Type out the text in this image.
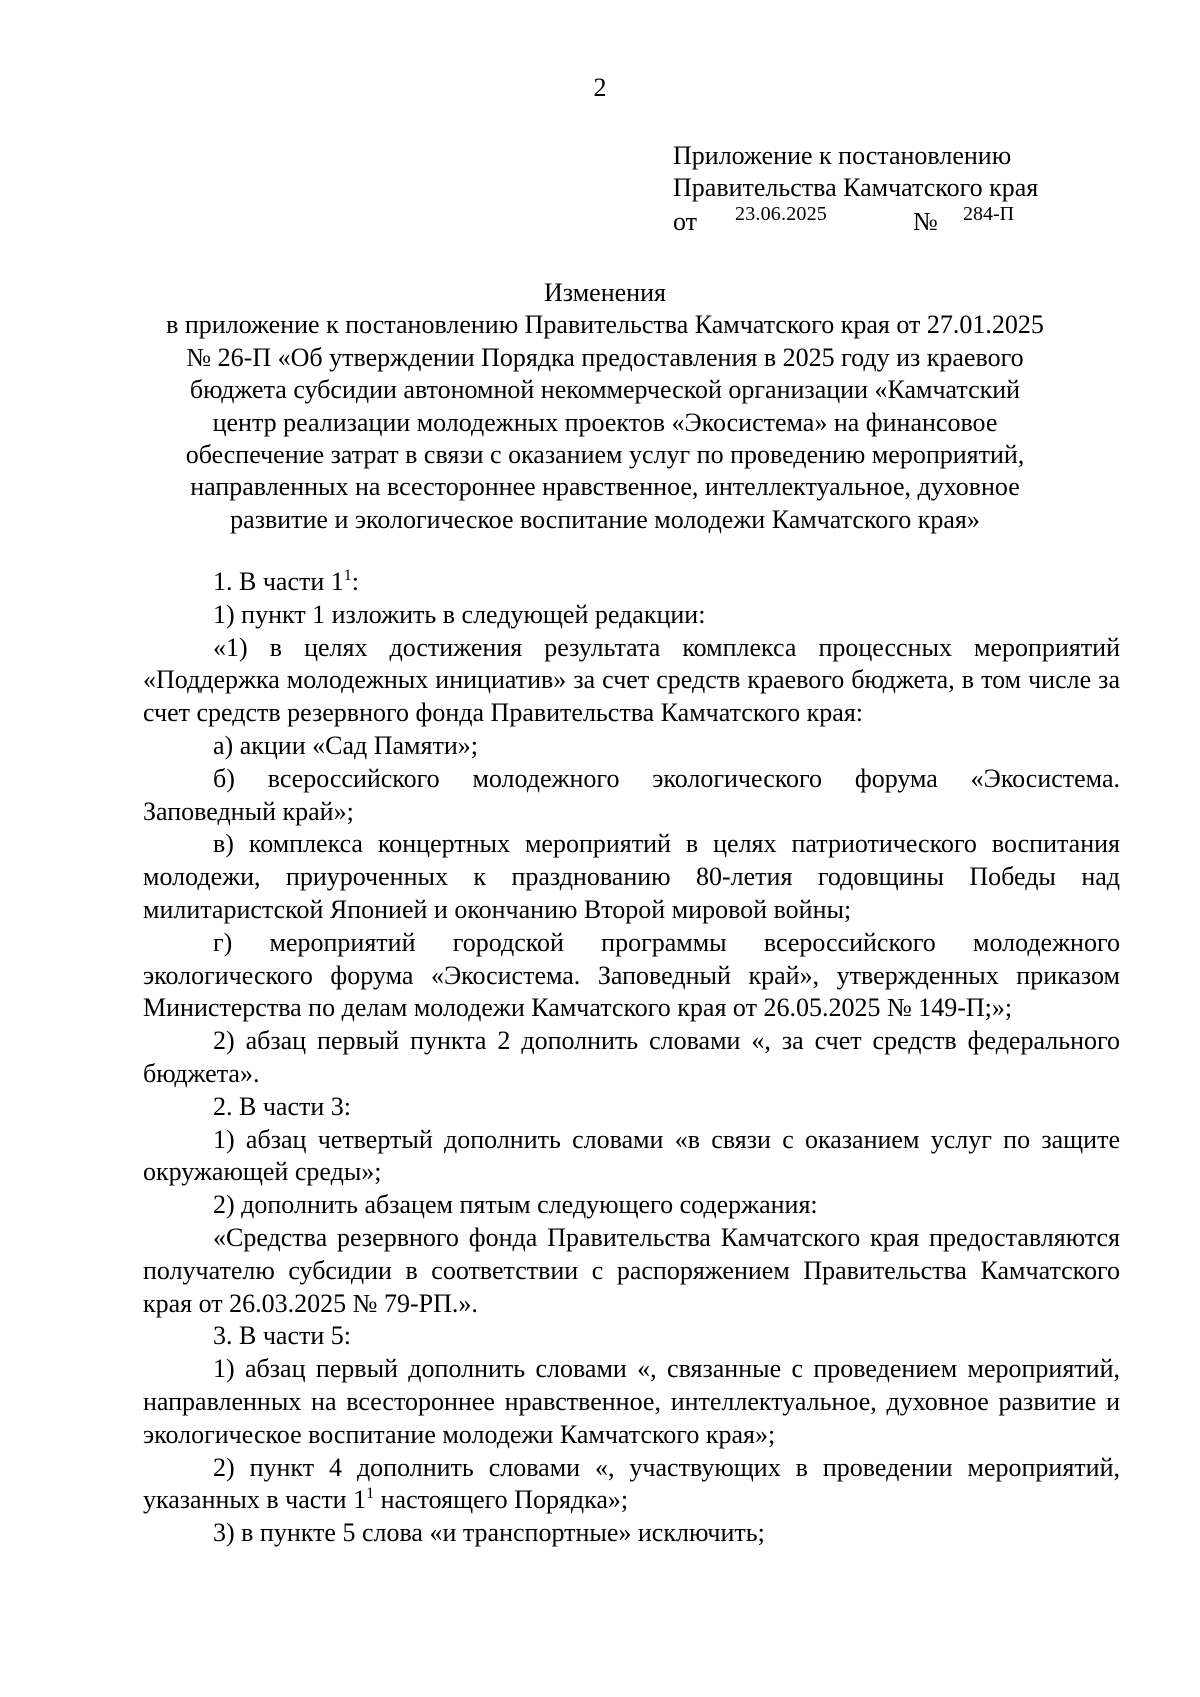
2
Приложение к постановлению
Правительства Камчатского края
от 23.06.2025	№ 284-П
Изменения
в приложение к постановлению Правительства Камчатского края от 27.01.2025
№ 26-П «Об утверждении Порядка предоставления в 2025 году из краевого
бюджета субсидии автономной некоммерческой организации «Камчатский
центр реализации молодежных проектов «Экосистема» на финансовое
обеспечение затрат в связи с оказанием услуг по проведению мероприятий,
направленных на всестороннее нравственное, интеллектуальное, духовное
развитие и экологическое воспитание молодежи Камчатского края»

1. В части $1^1$:

1) пункт 1 изложить в следующей редакции:

«1) в целях достижения результата комплекса процессных мероприятий «Поддержка молодежных инициатив» за счет средств краевого бюджета, в том числе за счет средств резервного фонда Правительства Камчатского края:

а) акции «Сад Памяти»;

б) всероссийского молодежного экологического форума «Экосистема. Заповедный край»;

в) комплекса концертных мероприятий в целях патриотического воспитания молодежи, приуроченных к празднованию 80-летия годовщины Победы над милитаристской Японией и окончанию Второй мировой войны;

г) мероприятий городской программы всероссийского молодежного экологического форума «Экосистема. Заповедный край», утвержденных приказом Министерства по делам молодежи Камчатского края от 26.05.2025 № 149-П;»;

2) абзац первый пункта 2 дополнить словами «, за счет средств федерального бюджета».

2. В части 3:

1) абзац четвертый дополнить словами «в связи с оказанием услуг по защите окружающей среды»;

2) дополнить абзацем пятым следующего содержания:

«Средства резервного фонда Правительства Камчатского края предоставляются получателю субсидии в соответствии с распоряжением Правительства Камчатского края от 26.03.2025 № 79-РП.».

3. В части 5:

1) абзац первый дополнить словами «, связанные с проведением мероприятий, направленных на всестороннее нравственное, интеллектуальное, духовное развитие и экологическое воспитание молодежи Камчатского края»;

2) пункт 4 дополнить словами «, участвующих в проведении мероприятий, указанных в части $1^1$ настоящего Порядка»;

3) в пункте 5 слова «и транспортные» исключить;
